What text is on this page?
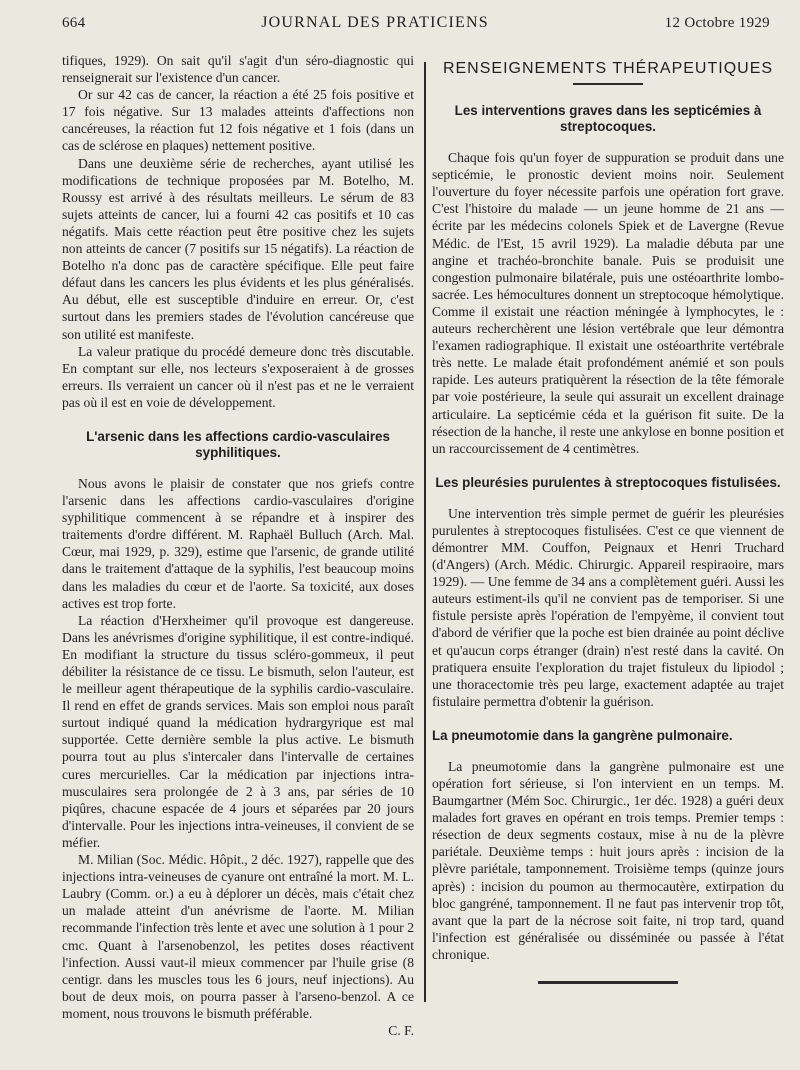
664	JOURNAL DES PRATICIENS	12 Octobre 1929

tifiques, 1929). On sait qu'il s'agit d'un séro-diagnostic qui renseignerait sur l'existence d'un cancer.

Or sur 42 cas de cancer, la réaction a été 25 fois positive et 17 fois négative. Sur 13 malades atteints d'affections non cancéreuses, la réaction fut 12 fois négative et 1 fois (dans un cas de sclérose en plaques) nettement positive.

Dans une deuxième série de recherches, ayant utilisé les modifications de technique proposées par M. Botelho, M. Roussy est arrivé à des résultats meilleurs. Le sérum de 83 sujets atteints de cancer, lui a fourni 42 cas positifs et 10 cas négatifs. Mais cette réaction peut être positive chez les sujets non atteints de cancer (7 positifs sur 15 négatifs). La réaction de Botelho n'a donc pas de caractère spécifique. Elle peut faire défaut dans les cancers les plus évidents et les plus généralisés. Au début, elle est susceptible d'induire en erreur. Or, c'est surtout dans les premiers stades de l'évolution cancéreuse que son utilité est manifeste.

La valeur pratique du procédé demeure donc très discutable. En comptant sur elle, nos lecteurs s'exposeraient à de grosses erreurs. Ils verraient un cancer où il n'est pas et ne le verraient pas où il est en voie de développement.

L'arsenic dans les affections cardio-vasculaires syphilitiques.

Nous avons le plaisir de constater que nos griefs contre l'arsenic dans les affections cardio-vasculaires d'origine syphilitique commencent à se répandre et à inspirer des traitements d'ordre différent. M. Raphaël Bulluch (Arch. Mal. Cœur, mai 1929, p. 329), estime que l'arsenic, de grande utilité dans le traitement d'attaque de la syphilis, l'est beaucoup moins dans les maladies du cœur et de l'aorte. Sa toxicité, aux doses actives est trop forte.

La réaction d'Herxheimer qu'il provoque est dangereuse. Dans les anévrismes d'origine syphilitique, il est contre-indiqué. En modifiant la structure du tissus scléro-gommeux, il peut débiliter la résistance de ce tissu. Le bismuth, selon l'auteur, est le meilleur agent thérapeutique de la syphilis cardio-vasculaire. Il rend en effet de grands services. Mais son emploi nous paraît surtout indiqué quand la médication hydrargyrique est mal supportée. Cette dernière semble la plus active. Le bismuth pourra tout au plus s'intercaler dans l'intervalle de certaines cures mercurielles. Car la médication par injections intra-musculaires sera prolongée de 2 à 3 ans, par séries de 10 piqûres, chacune espacée de 4 jours et séparées par 20 jours d'intervalle. Pour les injections intra-veineuses, il convient de se méfier.

M. Milian (Soc. Médic. Hôpit., 2 déc. 1927), rappelle que des injections intra-veineuses de cyanure ont entraîné la mort. M. L. Laubry (Comm. or.) a eu à déplorer un décès, mais c'était chez un malade atteint d'un anévrisme de l'aorte. M. Milian recommande l'infection très lente et avec une solution à 1 pour 2 cmc. Quant à l'arsenobenzol, les petites doses réactivent l'infection. Aussi vaut-il mieux commencer par l'huile grise (8 centigr. dans les muscles tous les 6 jours, neuf injections). Au bout de deux mois, on pourra passer à l'arseno-benzol. A ce moment, nous trouvons le bismuth préférable.

C. F.
RENSEIGNEMENTS THÉRAPEUTIQUES
Les interventions graves dans les septicémies à streptocoques.

Chaque fois qu'un foyer de suppuration se produit dans une septicémie, le pronostic devient moins noir. Seulement l'ouverture du foyer nécessite parfois une opération fort grave. C'est l'histoire du malade — un jeune homme de 21 ans — écrite par les médecins colonels Spiek et de Lavergne (Revue Médic. de l'Est, 15 avril 1929). La maladie débuta par une angine et trachéo-bronchite banale. Puis se produisit une congestion pulmonaire bilatérale, puis une ostéoarthrite lombo-sacrée. Les hémocultures donnent un streptocoque hémolytique. Comme il existait une réaction méningée à lymphocytes, le : auteurs recherchèrent une lésion vertébrale que leur démontra l'examen radiographique. Il existait une ostéoarthrite vertébrale très nette. Le malade était profondément anémié et son pouls rapide. Les auteurs pratiquèrent la résection de la tête fémorale par voie postérieure, la seule qui assurait un excellent drainage articulaire. La septicémie céda et la guérison fit suite. De la résection de la hanche, il reste une ankylose en bonne position et un raccourcissement de 4 centimètres.

Les pleurésies purulentes à streptocoques fistulisées.

Une intervention très simple permet de guérir les pleurésies purulentes à streptocoques fistulisées. C'est ce que viennent de démontrer MM. Couffon, Peignaux et Henri Truchard (d'Angers) (Arch. Médic. Chirurgic. Appareil respiraoire, mars 1929). — Une femme de 34 ans a complètement guéri. Aussi les auteurs estiment-ils qu'il ne convient pas de temporiser. Si une fistule persiste après l'opération de l'empyème, il convient tout d'abord de vérifier que la poche est bien drainée au point déclive et qu'aucun corps étranger (drain) n'est resté dans la cavité. On pratiquera ensuite l'exploration du trajet fistuleux du lipiodol ; une thoracectomie très peu large, exactement adaptée au trajet fistulaire permettra d'obtenir la guérison.

La pneumotomie dans la gangrène pulmonaire.

La pneumotomie dans la gangrène pulmonaire est une opération fort sérieuse, si l'on intervient en un temps. M. Baumgartner (Mém Soc. Chirurgic., 1er déc. 1928) a guéri deux malades fort graves en opérant en trois temps. Premier temps : résection de deux segments costaux, mise à nu de la plèvre pariétale. Deuxième temps : huit jours après : incision de la plèvre pariétale, tamponnement. Troisième temps (quinze jours après) : incision du poumon au thermocautère, extirpation du bloc gangréné, tamponnement. Il ne faut pas intervenir trop tôt, avant que la part de la nécrose soit faite, ni trop tard, quand l'infection est généralisée ou disséminée ou passée à l'état chronique.
